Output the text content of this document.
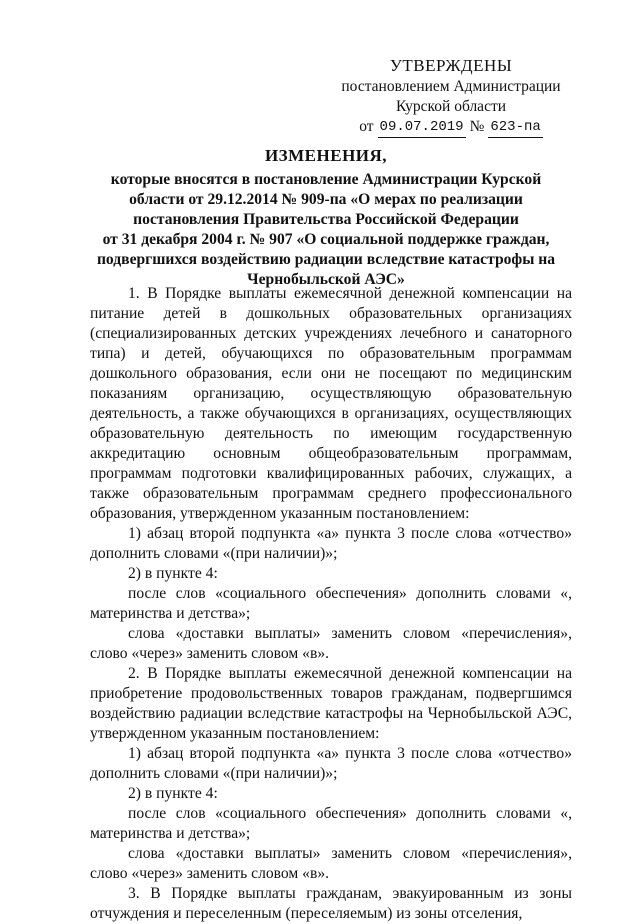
УТВЕРЖДЕНЫ
постановлением Администрации
Курской области
от 09.07.2019 № 623-па
ИЗМЕНЕНИЯ,
которые вносятся в постановление Администрации Курской
области от 29.12.2014 № 909-па «О мерах по реализации
постановления Правительства Российской Федерации
от 31 декабря 2004 г. № 907 «О социальной поддержке граждан,
подвергшихся воздействию радиации вследствие катастрофы на
Чернобыльской АЭС»

1. В Порядке выплаты ежемесячной денежной компенсации на питание детей в дошкольных образовательных организациях (специализированных детских учреждениях лечебного и санаторного типа) и детей, обучающихся по образовательным программам дошкольного образования, если они не посещают по медицинским показаниям организацию, осуществляющую образовательную деятельность, а также обучающихся в организациях, осуществляющих образовательную деятельность по имеющим государственную аккредитацию основным общеобразовательным программам, программам подготовки квалифицированных рабочих, служащих, а также образовательным программам среднего профессионального образования, утвержденном указанным постановлением:

1) абзац второй подпункта «а» пункта 3 после слова «отчество» дополнить словами «(при наличии)»;

2) в пункте 4:

после слов «социального обеспечения» дополнить словами «, материнства и детства»;

слова «доставки выплаты» заменить словом «перечисления», слово «через» заменить словом «в».

2. В Порядке выплаты ежемесячной денежной компенсации на приобретение продовольственных товаров гражданам, подвергшимся воздействию радиации вследствие катастрофы на Чернобыльской АЭС, утвержденном указанным постановлением:

1) абзац второй подпункта «а» пункта 3 после слова «отчество» дополнить словами «(при наличии)»;

2) в пункте 4:

после слов «социального обеспечения» дополнить словами «, материнства и детства»;

слова «доставки выплаты» заменить словом «перечисления», слово «через» заменить словом «в».

3. В Порядке выплаты гражданам, эвакуированным из зоны отчуждения и переселенным (переселяемым) из зоны отселения,
